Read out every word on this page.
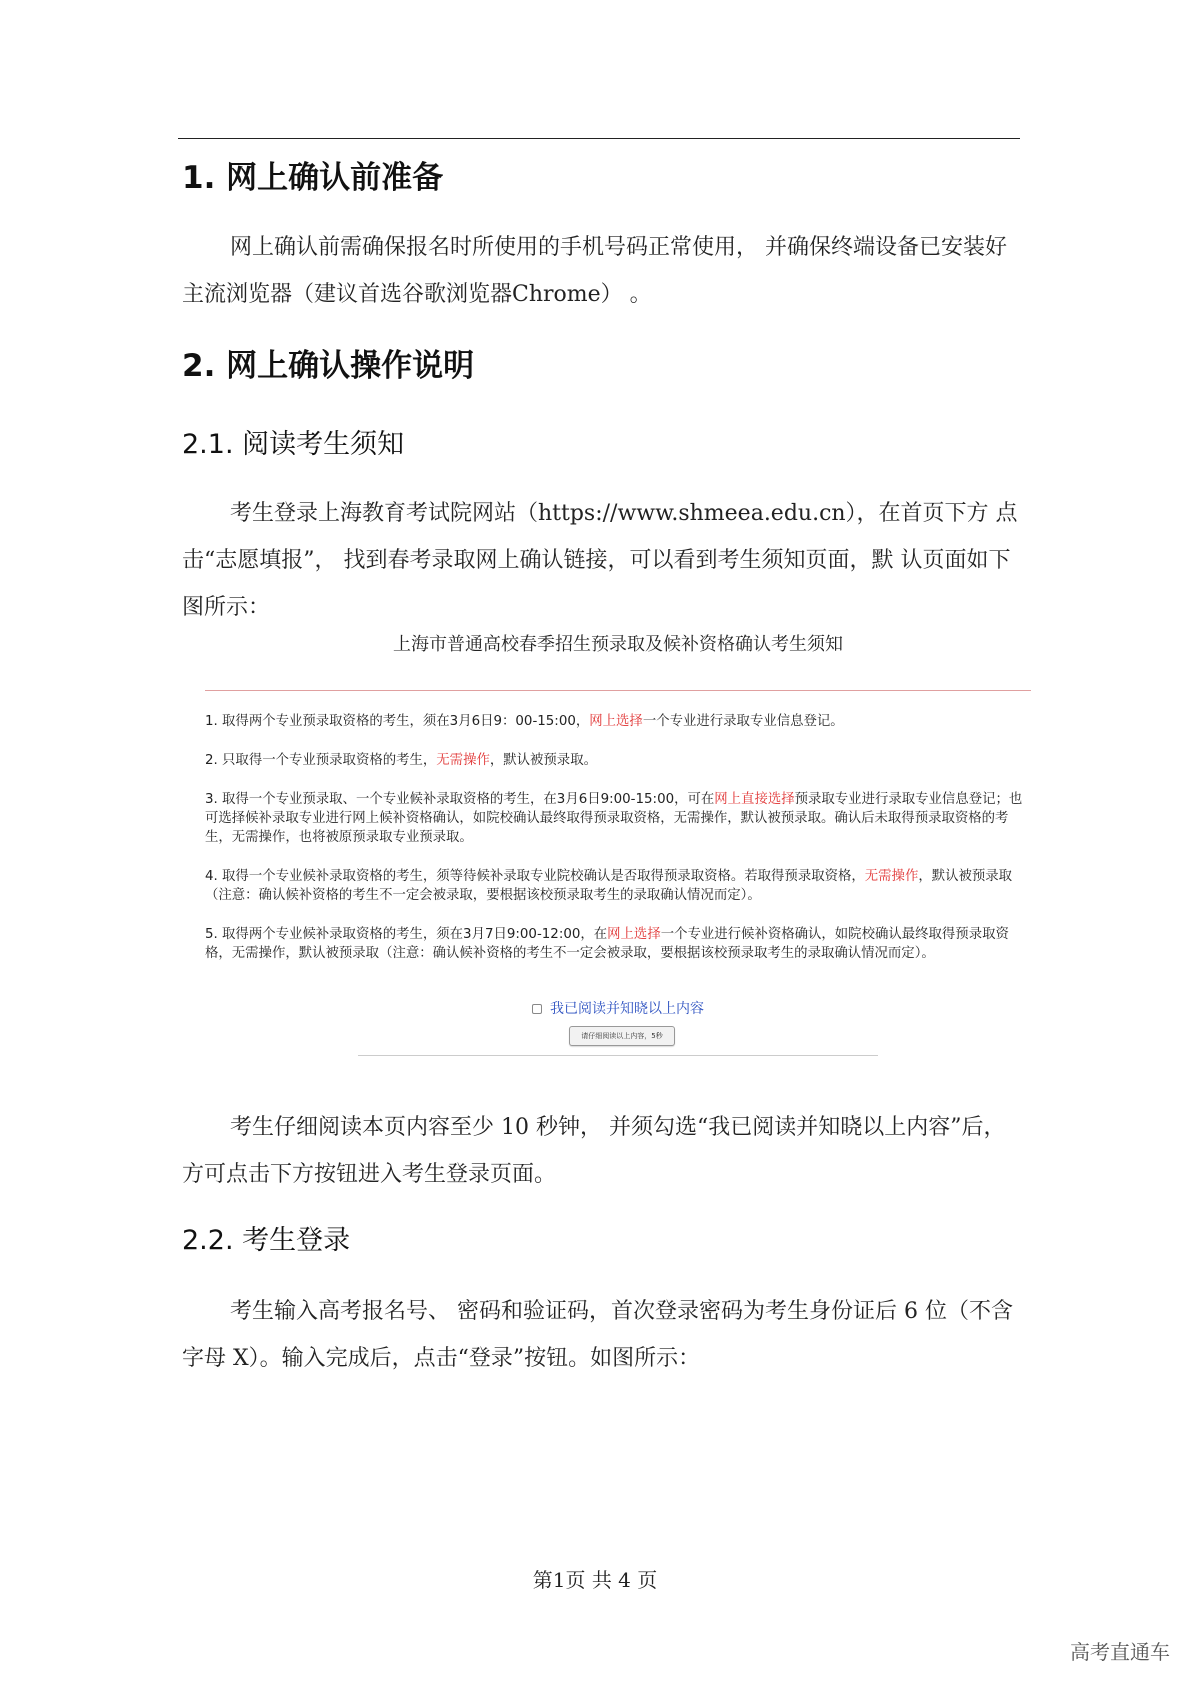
1. 网上确认前准备

网上确认前需确保报名时所使用的手机号码正常使用， 并确保终端设备已安装好主流浏览器（建议首选谷歌浏览器Chrome） 。

2. 网上确认操作说明
2.1. 阅读考生须知

考生登录上海教育考试院网站（https://www.shmeea.edu.cn），在首页下方 点击“志愿填报”， 找到春考录取网上确认链接，可以看到考生须知页面，默 认页面如下图所示：

上海市普通高校春季招生预录取及候补资格确认考生须知
1. 取得两个专业预录取资格的考生，须在3月6日9：00-15:00，网上选择一个专业进行录取专业信息登记。
2. 只取得一个专业预录取资格的考生，无需操作，默认被预录取。
3. 取得一个专业预录取、一个专业候补录取资格的考生，在3月6日9:00-15:00，可在网上直接选择预录取专业进行录取专业信息登记；也可选择候补录取专业进行网上候补资格确认，如院校确认最终取得预录取资格，无需操作，默认被预录取。确认后未取得预录取资格的考生，无需操作，也将被原预录取专业预录取。
4. 取得一个专业候补录取资格的考生，须等待候补录取专业院校确认是否取得预录取资格。若取得预录取资格，无需操作，默认被预录取（注意：确认候补资格的考生不一定会被录取，要根据该校预录取考生的录取确认情况而定）。
5. 取得两个专业候补录取资格的考生，须在3月7日9:00-12:00，在网上选择一个专业进行候补资格确认，如院校确认最终取得预录取资格，无需操作，默认被预录取（注意：确认候补资格的考生不一定会被录取，要根据该校预录取考生的录取确认情况而定）。
我已阅读并知晓以上内容
请仔细阅读以上内容，5秒

考生仔细阅读本页内容至少 10 秒钟， 并须勾选“我已阅读并知晓以上内容”后，方可点击下方按钮进入考生登录页面。

2.2. 考生登录

考生输入高考报名号、 密码和验证码，首次登录密码为考生身份证后 6 位（不含字母 X）。输入完成后，点击“登录”按钮。如图所示：

第1页 共 4 页
高考直通车
